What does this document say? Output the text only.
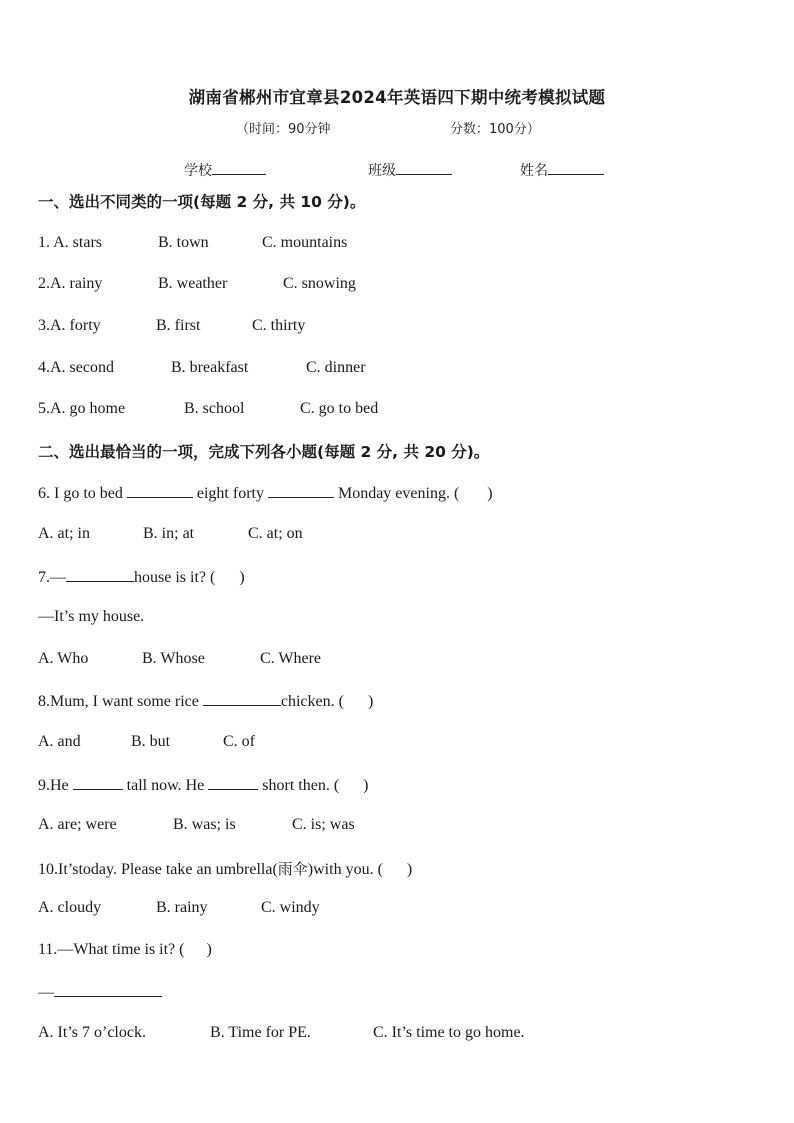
湖南省郴州市宜章县2024年英语四下期中统考模拟试题
（时间：90分钟	分数：100分）
学校	班级	姓名
一、选出不同类的一项(每题 2 分, 共 10 分)。
1. A. stars	B. town	C. mountains
2.A. rainy	B. weather	C. snowing
3.A. forty	B. first	C. thirty
4.A. second	B. breakfast	C. dinner
5.A. go home	B. school	C. go to bed
二、选出最恰当的一项，完成下列各小题(每题 2 分, 共 20 分)。
6. I go to bed	eight forty	Monday evening. ( )
A. at; in	B. in; at	C. at; on
7.—	house is it? ( )
—It’s my house.
A. Who	B. Whose	C. Where
8.Mum, I want some rice	chicken. ( )
A. and	B. but	C. of
9.He	tall now. He	short then. ( )
A. are; were	B. was; is	C. is; was
10.It’stoday. Please take an umbrella(雨伞)with you. ( )
A. cloudy	B. rainy	C. windy
11.—What time is it? ( )
—
A. It’s 7 o’clock.	B. Time for PE.	C. It’s time to go home.
